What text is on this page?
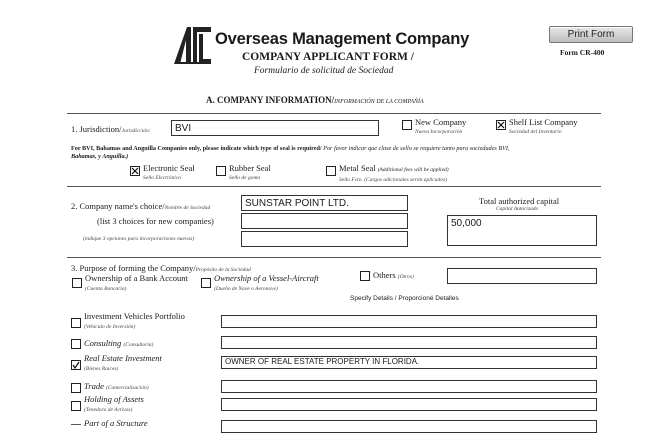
Print Form
Form CR-400
Overseas Management Company
COMPANY APPLICANT FORM /
Formulario de solicitud de Sociedad
A. COMPANY INFORMATION/INFORMACIÓN DE LA COMPAÑÍA
1. Jurisdiction/Jurisdicción:	BVI
New Company
Nueva Incorporación
Shelf List Company
Sociedad del Inventario
For BVI, Bahamas and Anguilla Companies only, please indicate which type of seal is required/ Por favor indicar que clase de sello se requiere tanto para sociedades BVI,
Bahamas, y Anguilla.)
Electronic Seal
Sello Electrónico
Rubber Seal
Sello de goma
Metal Seal (Additional fees will be applied)
Sello Fcto. (Cargos adicionales serán aplicados)
2. Company name's choice/Nombre de Sociedad
(list 3 choices for new companies)
(indique 3 opciones para incorporaciones nuevas)
SUNSTAR POINT LTD.	Total authorized capital
Capital Autorizado
50,000
3. Purpose of forming the Company/Propósito de la Sociedad
Ownership of a Bank Account
(Cuenta Bancaria)
Ownership of a Vessel-Aircraft
(Dueño de Nave o Aeronave)
Others (Otros)
Specify Details / Proporcioné Detalles
Investment Vehicles Portfolio
(Vehículo de Inversión)
Consulting (Consultoría)
Real Estate Investment
(Bienes Raíces)
OWNER OF REAL ESTATE PROPERTY IN FLORIDA.
Trade (Comercialización)
Holding of Assets
(Tenedora de Activos)
Part of a Structure
